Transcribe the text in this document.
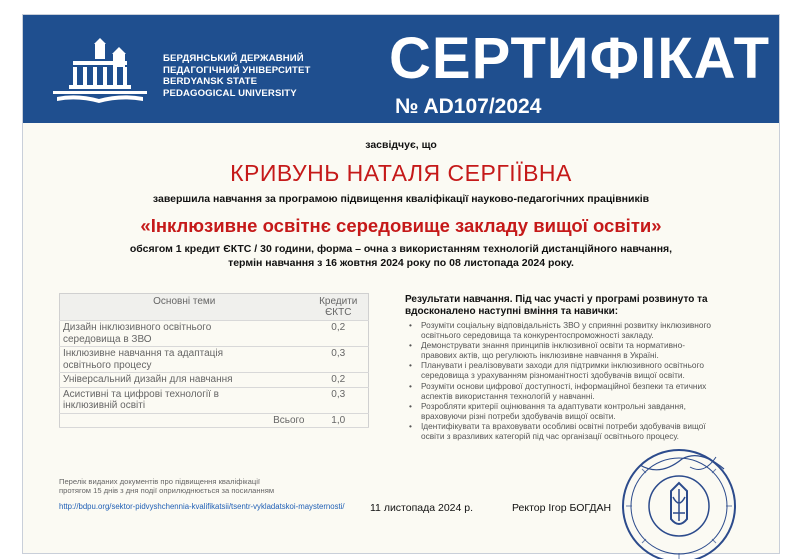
БЕРДЯНСЬКИЙ ДЕРЖАВНИЙ
ПЕДАГОГІЧНИЙ УНІВЕРСИТЕТ
BERDYANSK STATE
PEDAGOGICAL UNIVERSITY
СЕРТИФІКАТ
№ AD107/2024
засвідчує, що
КРИВУНЬ НАТАЛЯ СЕРГІЇВНА
завершила навчання за програмою підвищення кваліфікації науково-педагогічних працівників
«Інклюзивне освітнє середовище закладу вищої освіти»
обсягом 1 кредит ЄКТС / 30 години, форма – очна з використанням технологій дистанційного навчання,
термін навчання з 16 жовтня 2024 року по 08 листопада 2024 року.
Основні теми	Кредити
ЄКТС

Дизайн інклюзивного освітнього
середовища в ЗВО	0,2

Інклюзивне навчання та адаптація
освітнього процесу	0,3

Універсальний дизайн для навчання	0,2

Асистивні та цифрові технології в
інклюзивній освіті	0,3
Всього	1,0
Результати навчання. Під час участі у програмі розвинуто та
вдосконалено наступні вміння та навички:
• Розуміти соціальну відповідальність ЗВО у сприянні розвитку інклюзивного
освітнього середовища та конкурентоспроможності закладу.
• Демонструвати знання принципів інклюзивної освіти та нормативно-
правових актів, що регулюють інклюзивне навчання в Україні.
• Планувати і реалізовувати заходи для підтримки інклюзивного освітнього
середовища з урахуванням різноманітності здобувачів вищої освіти.
• Розуміти основи цифрової доступності, інформаційної безпеки та етичних
аспектів використання технологій у навчанні.
• Розробляти критерії оцінювання та адаптувати контрольні завдання,
враховуючи різні потреби здобувачів вищої освіти.
• Ідентифікувати та враховувати особливі освітні потреби здобувачів вищої
освіти з вразливих категорій під час організації освітнього процесу.
Перелік виданих документів про підвищення кваліфікації
протягом 15 днів з дня події оприлюднюється за посиланням
http://bdpu.org/sektor-pidvyshchennia-kvalifikatsii/tsentr-vykladatskoi-maysternosti/ 11 листопада 2024 р.	Ректор Ігор БОГДАН
